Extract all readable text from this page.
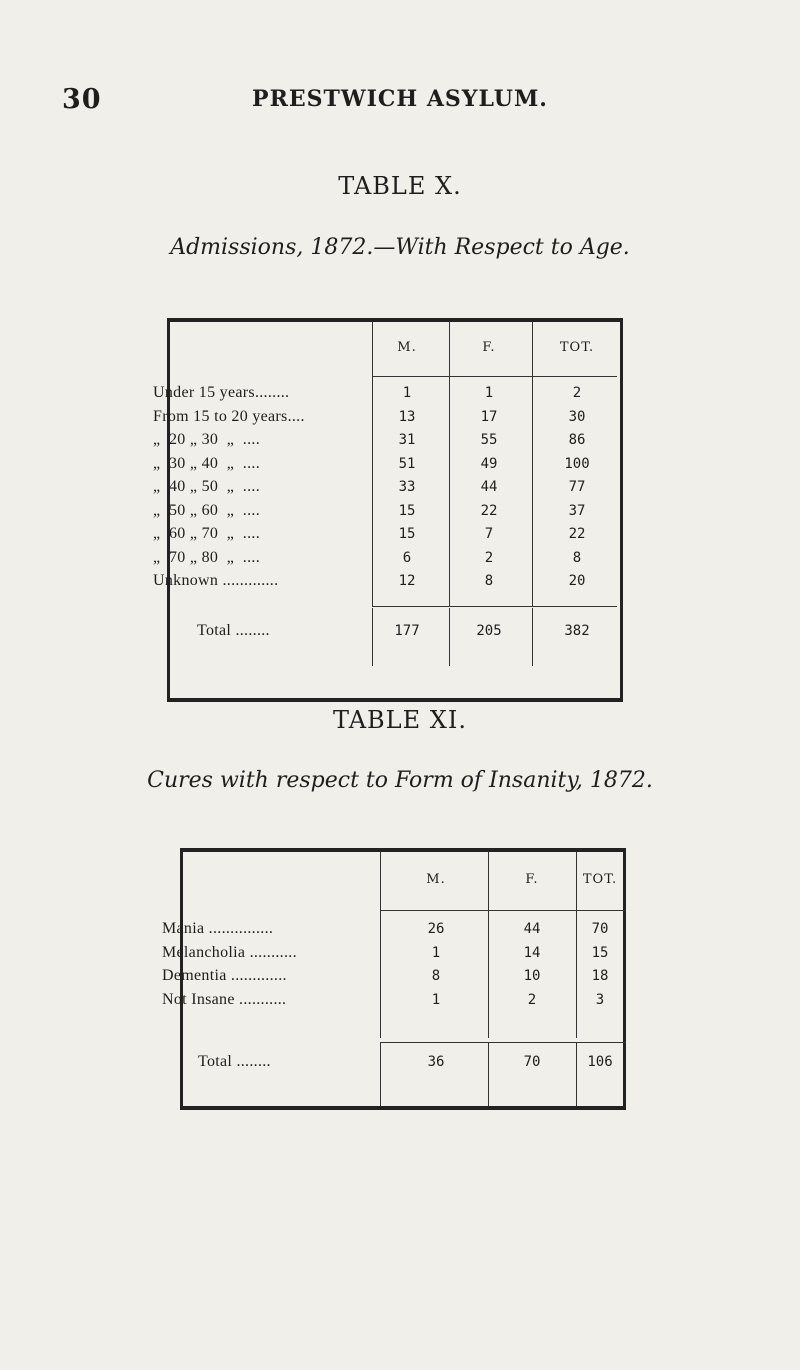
30	PRESTWICH ASYLUM.
TABLE X.
Admissions, 1872.—With Respect to Age.
M.	F.	TOT.
Under 15 years........	1	1	2
From 15 to 20 years....	13	17	30
„  20 „ 30  „  ....	31	55	86
„  30 „ 40  „  ....	51	49	100
„  40 „ 50  „  ....	33	44	77
„  50 „ 60  „  ....	15	22	37
„  60 „ 70  „  ....	15	7	22
„  70 „ 80  „  ....	6	2	8
Unknown .............	12	8	20
Total ........	177	205	382
TABLE XI.
Cures with respect to Form of Insanity, 1872.
M.	F.	TOT.
Mania ...............	26	44	70
Melancholia ...........	1	14	15
Dementia .............	8	10	18
Not Insane ...........	1	2	3
Total ........	36	70	106
